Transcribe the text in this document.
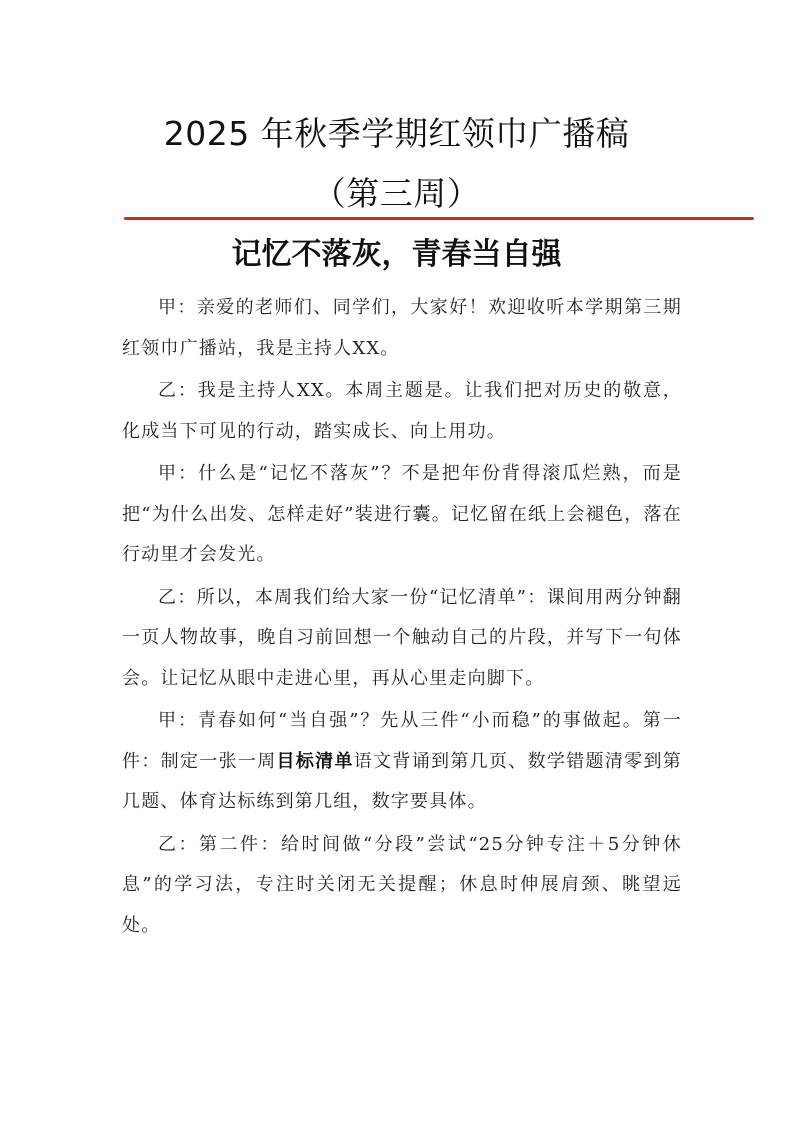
2025 年秋季学期红领巾广播稿
（第三周）
记忆不落灰，青春当自强

甲：亲爱的老师们、同学们，大家好！欢迎收听本学期第三期红领巾广播站，我是主持人XX。

乙：我是主持人XX。本周主题是。让我们把对历史的敬意，化成当下可见的行动，踏实成长、向上用功。

甲：什么是“记忆不落灰”？不是把年份背得滚瓜烂熟，而是把“为什么出发、怎样走好”装进行囊。记忆留在纸上会褪色，落在行动里才会发光。

乙：所以，本周我们给大家一份“记忆清单”：课间用两分钟翻一页人物故事，晚自习前回想一个触动自己的片段，并写下一句体会。让记忆从眼中走进心里，再从心里走向脚下。

甲：青春如何“当自强”？先从三件“小而稳”的事做起。第一件：制定一张一周目标清单语文背诵到第几页、数学错题清零到第几题、体育达标练到第几组，数字要具体。

乙：第二件：给时间做“分段”尝试“25分钟专注＋5分钟休息”的学习法，专注时关闭无关提醒；休息时伸展肩颈、眺望远处。
